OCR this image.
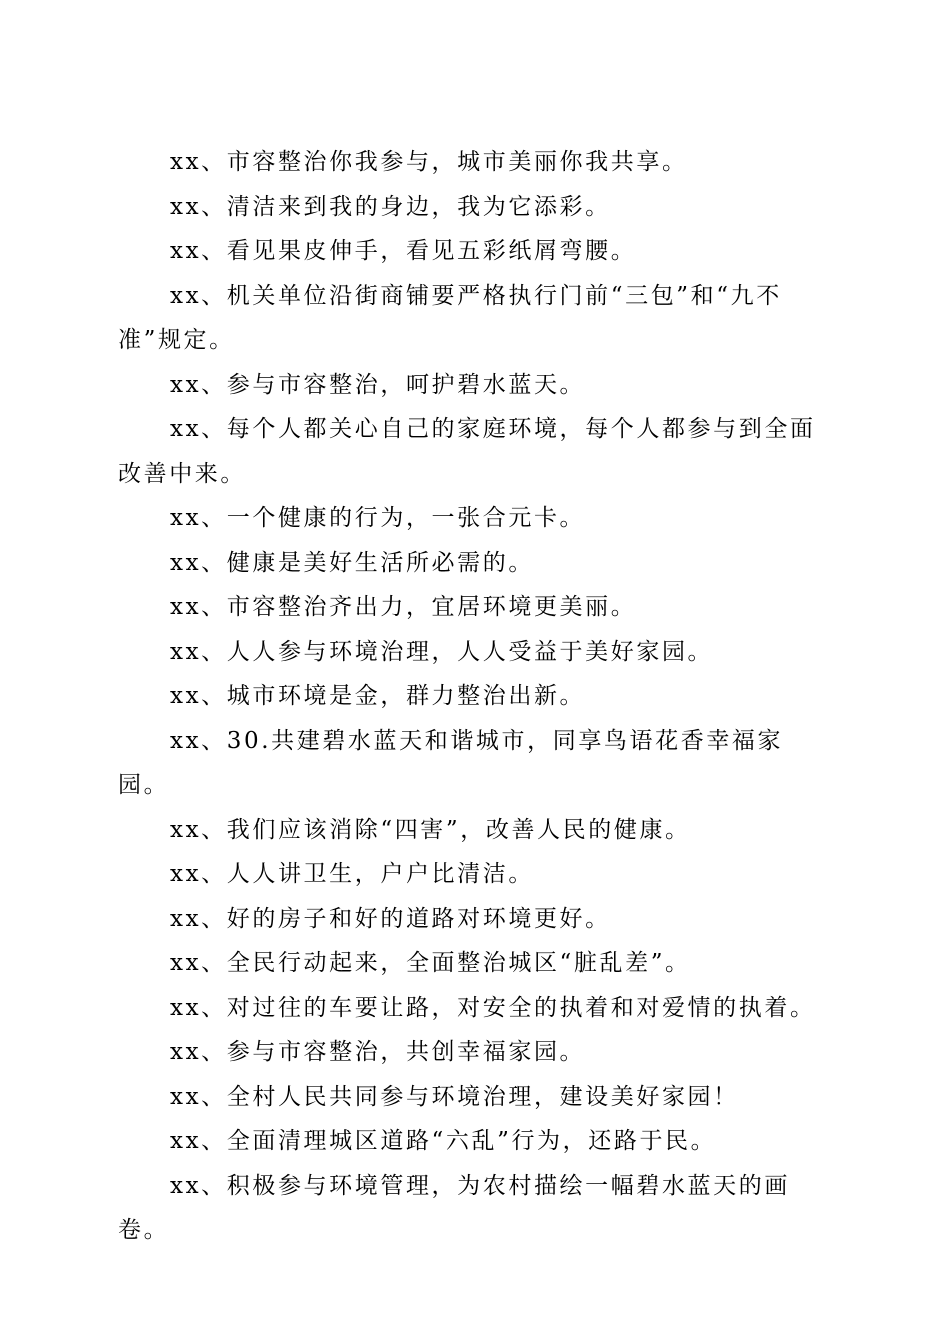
xx、市容整治你我参与，城市美丽你我共享。

xx、清洁来到我的身边，我为它添彩。

xx、看见果皮伸手，看见五彩纸屑弯腰。

xx、机关单位沿街商铺要严格执行门前“三包”和“九不准”规定。

xx、参与市容整治，呵护碧水蓝天。

xx、每个人都关心自己的家庭环境，每个人都参与到全面改善中来。

xx、一个健康的行为，一张合元卡。

xx、健康是美好生活所必需的。

xx、市容整治齐出力，宜居环境更美丽。

xx、人人参与环境治理，人人受益于美好家园。

xx、城市环境是金，群力整治出新。

xx、30.共建碧水蓝天和谐城市，同享鸟语花香幸福家园。

xx、我们应该消除“四害”，改善人民的健康。

xx、人人讲卫生，户户比清洁。

xx、好的房子和好的道路对环境更好。

xx、全民行动起来，全面整治城区“脏乱差”。

xx、对过往的车要让路，对安全的执着和对爱情的执着。

xx、参与市容整治，共创幸福家园。

xx、全村人民共同参与环境治理，建设美好家园！

xx、全面清理城区道路“六乱”行为，还路于民。

xx、积极参与环境管理，为农村描绘一幅碧水蓝天的画卷。
